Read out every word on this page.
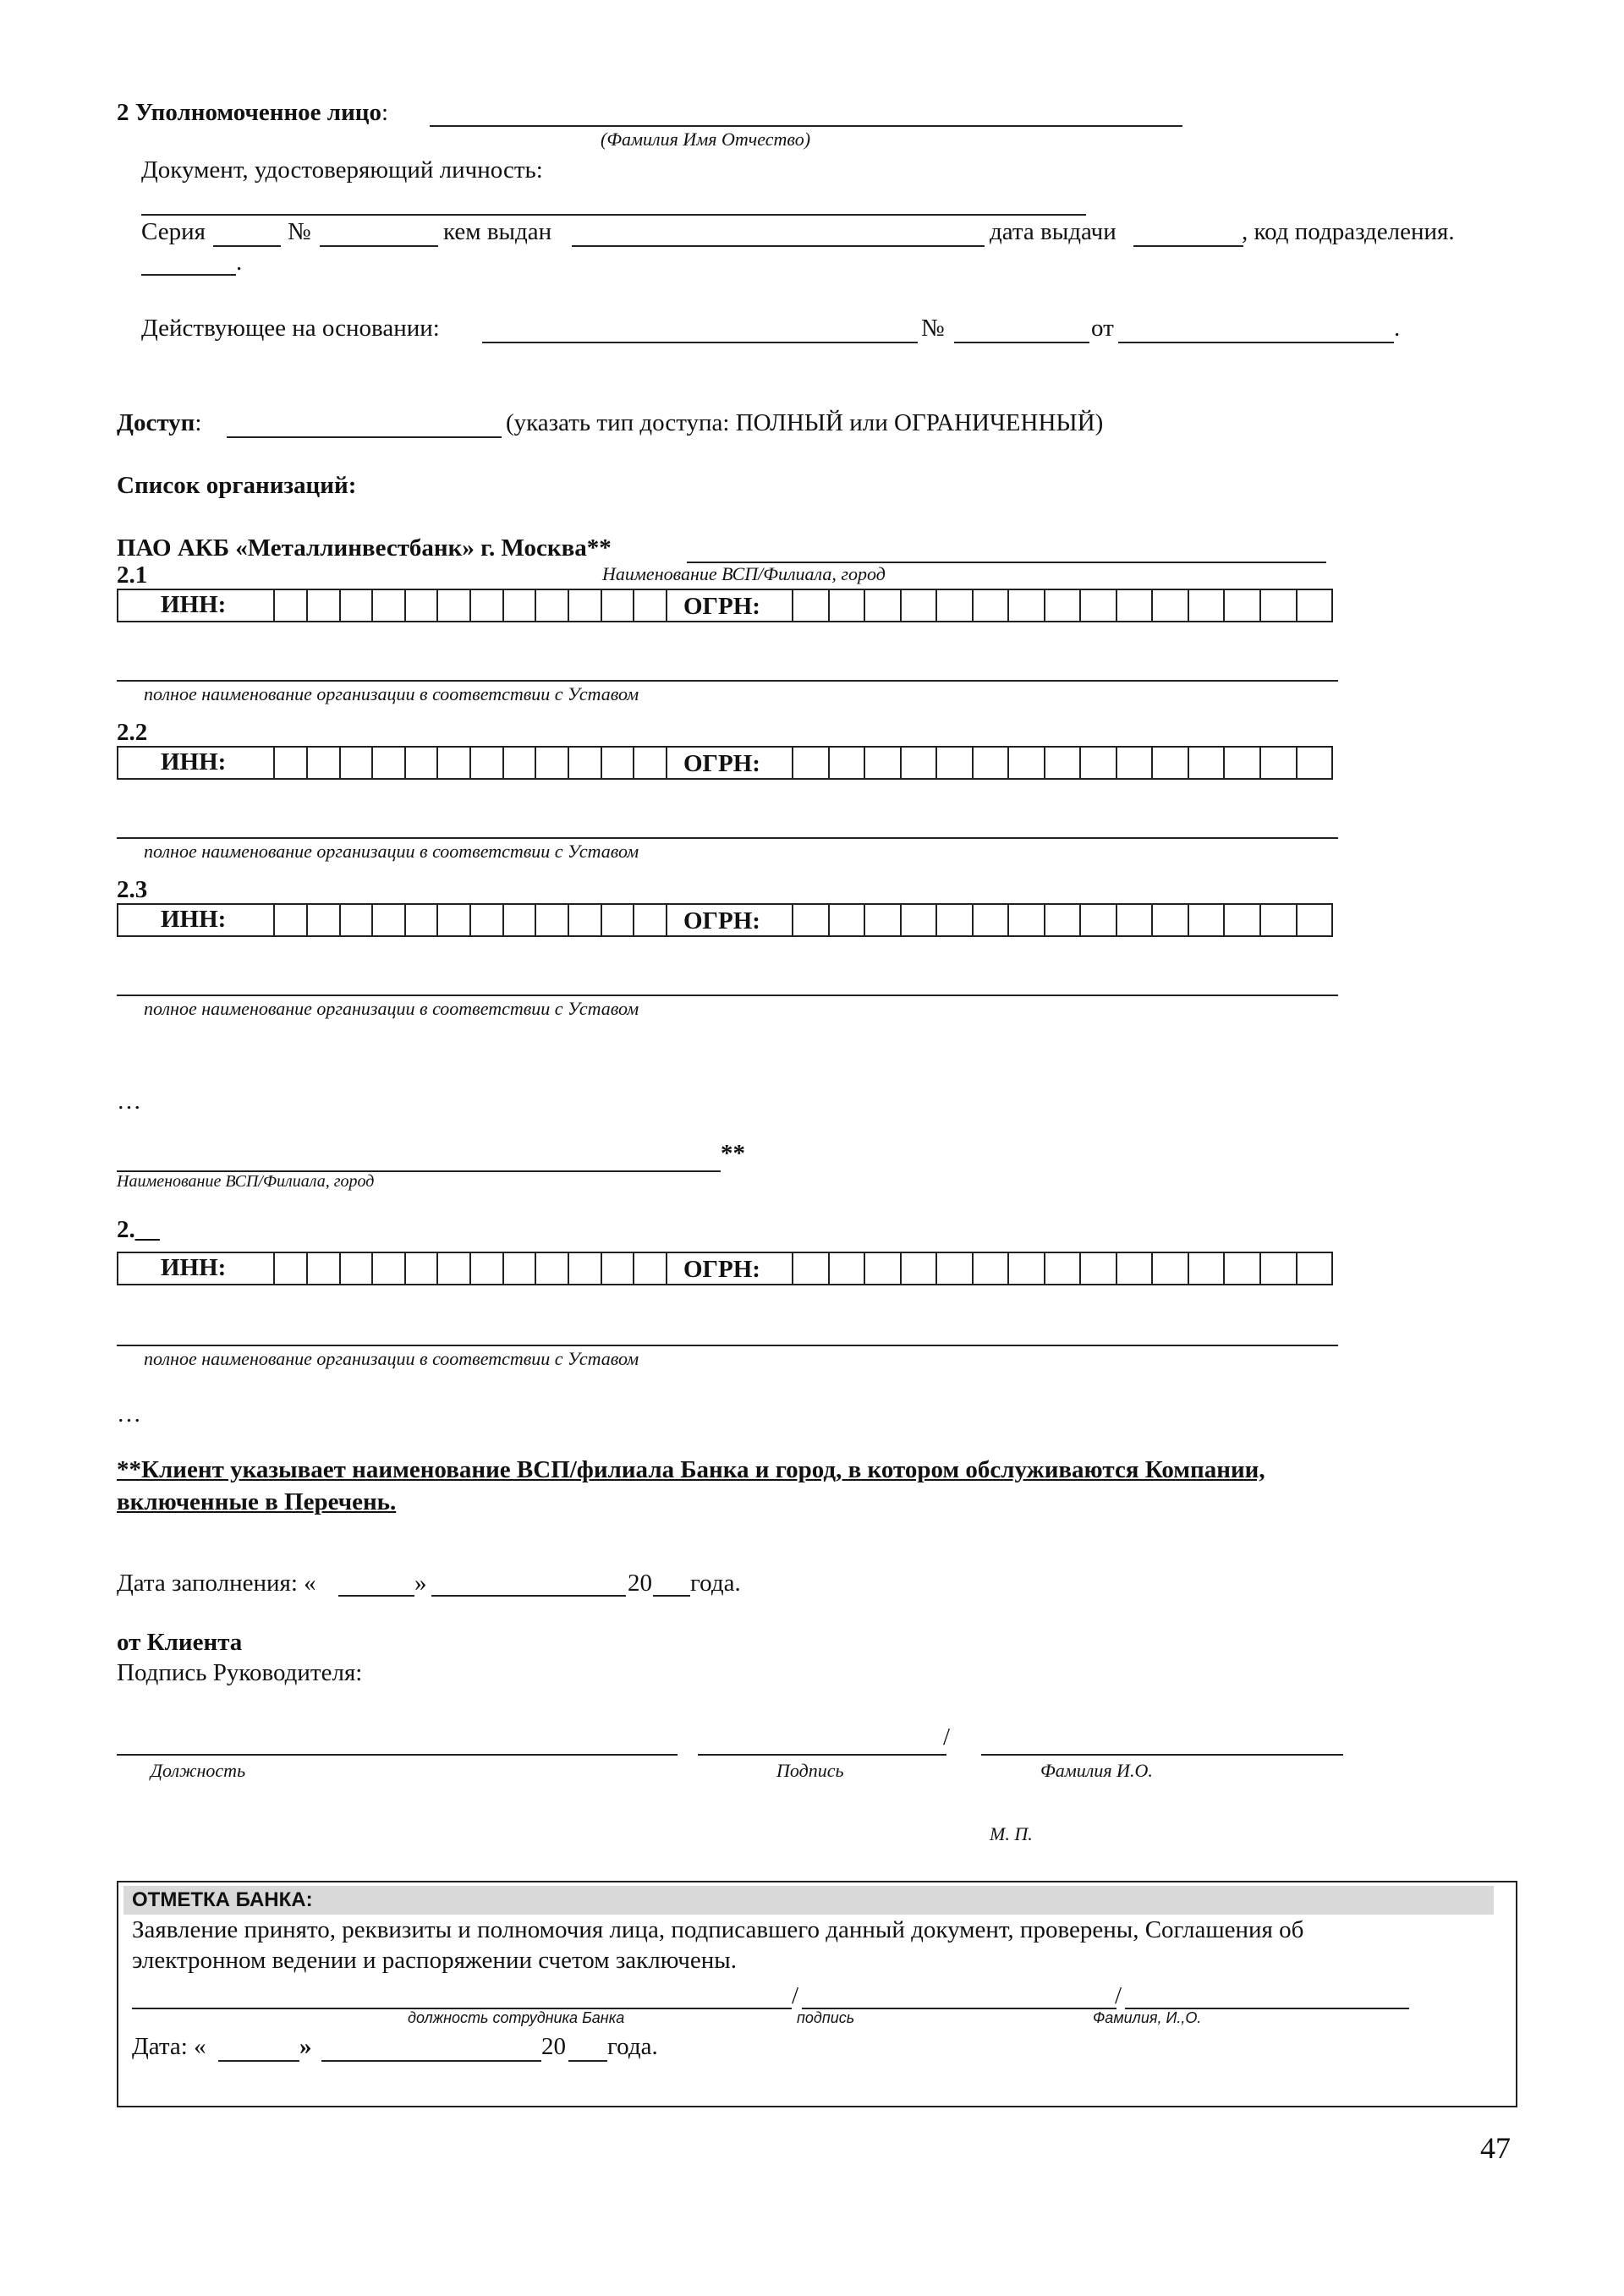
2 Уполномоченное лицо:
(Фамилия Имя Отчество)
Документ, удостоверяющий личность:
Серия	№	кем выдан	дата выдачи	, код подразделения.
.
Действующее на основании:	№	от	.
Доступ:	(указать тип доступа: ПОЛНЫЙ или ОГРАНИЧЕННЫЙ)
Список организаций:
ПАО АКБ «Металлинвестбанк» г. Москва**
Наименование ВСП/Филиала, город
2.1
ИНН:	ОГРН:
полное наименование организации в соответствии с Уставом
2.2
ИНН:	ОГРН:
полное наименование организации в соответствии с Уставом
2.3
ИНН:	ОГРН:
полное наименование организации в соответствии с Уставом
ИНН:	ОГРН:
полное наименование организации в соответствии с Уставом
…
**
Наименование ВСП/Филиала, город
2.__
…
**Клиент указывает наименование ВСП/филиала Банка и город, в котором обслуживаются Компании,
включенные в Перечень.
Дата заполнения: «	»	20 года.
от Клиента
Подпись Руководителя:
/
Должность	Подпись	Фамилия И.О.
М. П.
ОТМЕТКА БАНКА:
Заявление принято, реквизиты и полномочия лица, подписавшего данный документ, проверены, Соглашения об
электронном ведении и распоряжении счетом заключены.
/	/
должность сотрудника Банка	подпись	Фамилия, И.,О.
Дата: «	»	20 года.
47
